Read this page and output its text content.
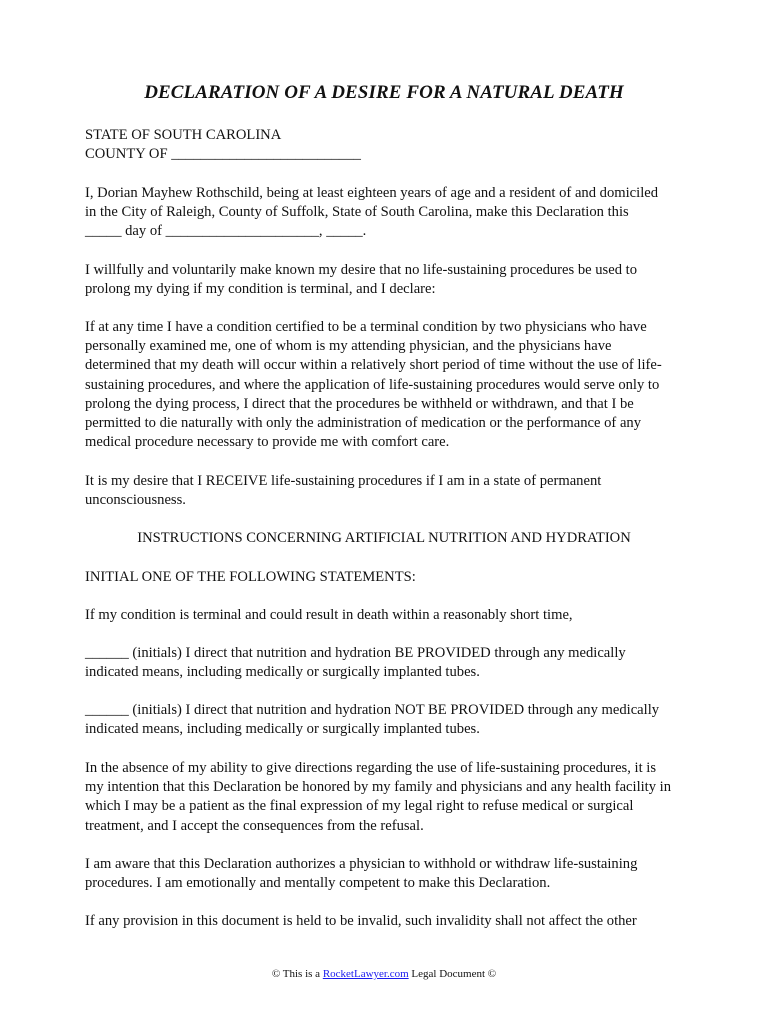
DECLARATION OF A DESIRE FOR A NATURAL DEATH
STATE OF SOUTH CAROLINA
COUNTY OF __________________________
I, Dorian Mayhew Rothschild, being at least eighteen years of age and a resident of and domiciled
in the City of Raleigh, County of Suffolk, State of South Carolina, make this Declaration this
_____ day of _____________________, _____.
I willfully and voluntarily make known my desire that no life-sustaining procedures be used to
prolong my dying if my condition is terminal, and I declare:
If at any time I have a condition certified to be a terminal condition by two physicians who have
personally examined me, one of whom is my attending physician, and the physicians have
determined that my death will occur within a relatively short period of time without the use of life-
sustaining procedures, and where the application of life-sustaining procedures would serve only to
prolong the dying process, I direct that the procedures be withheld or withdrawn, and that I be
permitted to die naturally with only the administration of medication or the performance of any
medical procedure necessary to provide me with comfort care.
It is my desire that I RECEIVE life-sustaining procedures if I am in a state of permanent
unconsciousness.
INSTRUCTIONS CONCERNING ARTIFICIAL NUTRITION AND HYDRATION
INITIAL ONE OF THE FOLLOWING STATEMENTS:
If my condition is terminal and could result in death within a reasonably short time,
______ (initials) I direct that nutrition and hydration BE PROVIDED through any medically
indicated means, including medically or surgically implanted tubes.
______ (initials) I direct that nutrition and hydration NOT BE PROVIDED through any medically
indicated means, including medically or surgically implanted tubes.
In the absence of my ability to give directions regarding the use of life-sustaining procedures, it is
my intention that this Declaration be honored by my family and physicians and any health facility in
which I may be a patient as the final expression of my legal right to refuse medical or surgical
treatment, and I accept the consequences from the refusal.
I am aware that this Declaration authorizes a physician to withhold or withdraw life-sustaining
procedures. I am emotionally and mentally competent to make this Declaration.
If any provision in this document is held to be invalid, such invalidity shall not affect the other
© This is a RocketLawyer.com Legal Document ©
